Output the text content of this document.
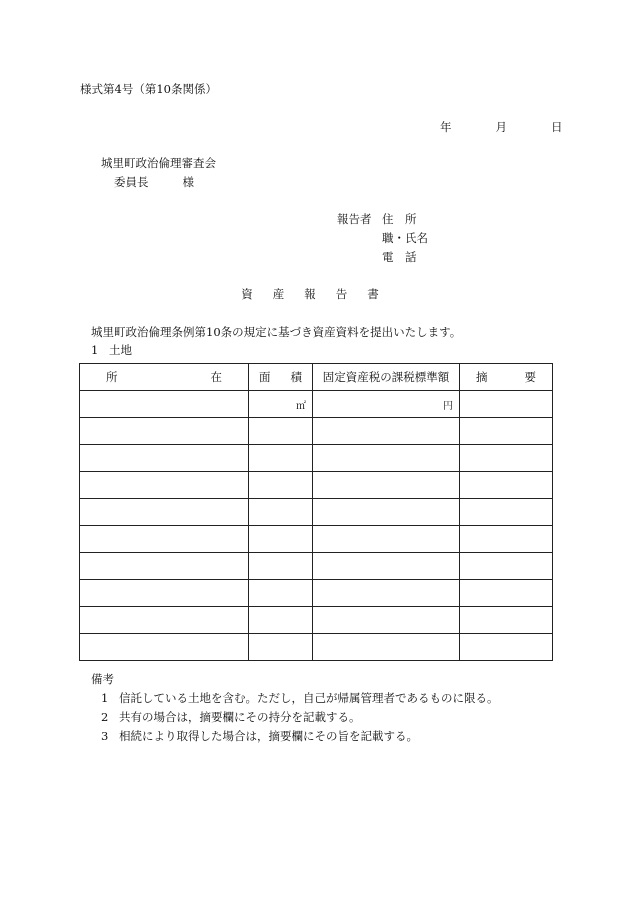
様式第4号（第10条関係）
年	月	日
城里町政治倫理審査会
委員長	様
報告者 住　所
職・氏名
電　話
資産報告書
城里町政治倫理条例第10条の規定に基づき資産資料を提出いたします。
1 土地
所 在	面 積	固定資産税の課税標準額	摘 要

	㎡	円	

備考
1 信託している土地を含む。ただし，自己が帰属管理者であるものに限る。
2 共有の場合は，摘要欄にその持分を記載する。
3 相続により取得した場合は，摘要欄にその旨を記載する。
